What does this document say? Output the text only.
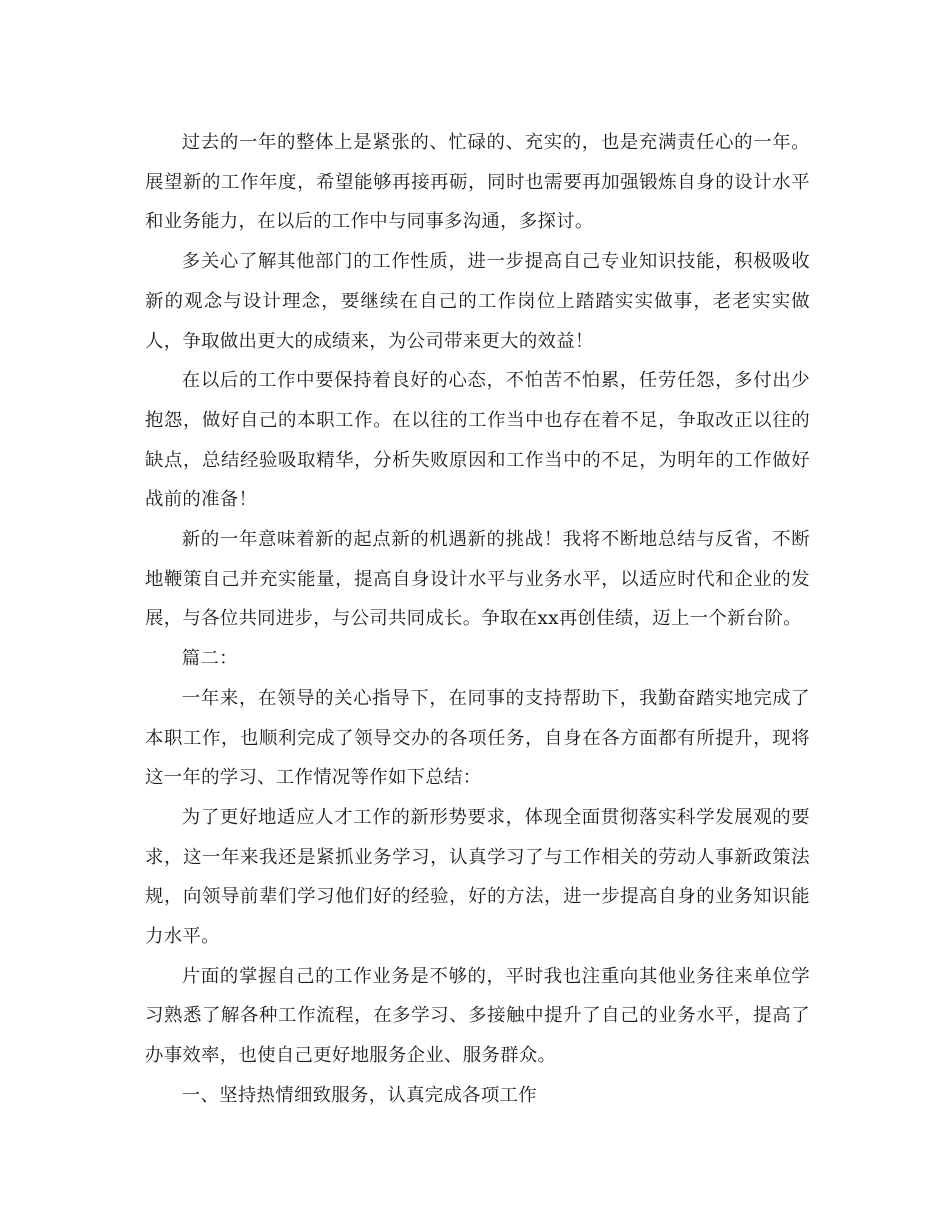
过去的一年的整体上是紧张的、忙碌的、充实的，也是充满责任心的一年。展望新的工作年度，希望能够再接再砺，同时也需要再加强锻炼自身的设计水平和业务能力，在以后的工作中与同事多沟通，多探讨。

多关心了解其他部门的工作性质，进一步提高自己专业知识技能，积极吸收新的观念与设计理念，要继续在自己的工作岗位上踏踏实实做事，老老实实做人，争取做出更大的成绩来，为公司带来更大的效益！

在以后的工作中要保持着良好的心态，不怕苦不怕累，任劳任怨，多付出少抱怨，做好自己的本职工作。在以往的工作当中也存在着不足，争取改正以往的缺点，总结经验吸取精华，分析失败原因和工作当中的不足，为明年的工作做好战前的准备！

新的一年意味着新的起点新的机遇新的挑战！我将不断地总结与反省，不断地鞭策自己并充实能量，提高自身设计水平与业务水平，以适应时代和企业的发展，与各位共同进步，与公司共同成长。争取在xx再创佳绩，迈上一个新台阶。

篇二：

一年来，在领导的关心指导下，在同事的支持帮助下，我勤奋踏实地完成了本职工作，也顺利完成了领导交办的各项任务，自身在各方面都有所提升，现将这一年的学习、工作情况等作如下总结：

为了更好地适应人才工作的新形势要求，体现全面贯彻落实科学发展观的要求，这一年来我还是紧抓业务学习，认真学习了与工作相关的劳动人事新政策法规，向领导前辈们学习他们好的经验，好的方法，进一步提高自身的业务知识能力水平。

片面的掌握自己的工作业务是不够的，平时我也注重向其他业务往来单位学习熟悉了解各种工作流程，在多学习、多接触中提升了自己的业务水平，提高了办事效率，也使自己更好地服务企业、服务群众。

一、坚持热情细致服务，认真完成各项工作
